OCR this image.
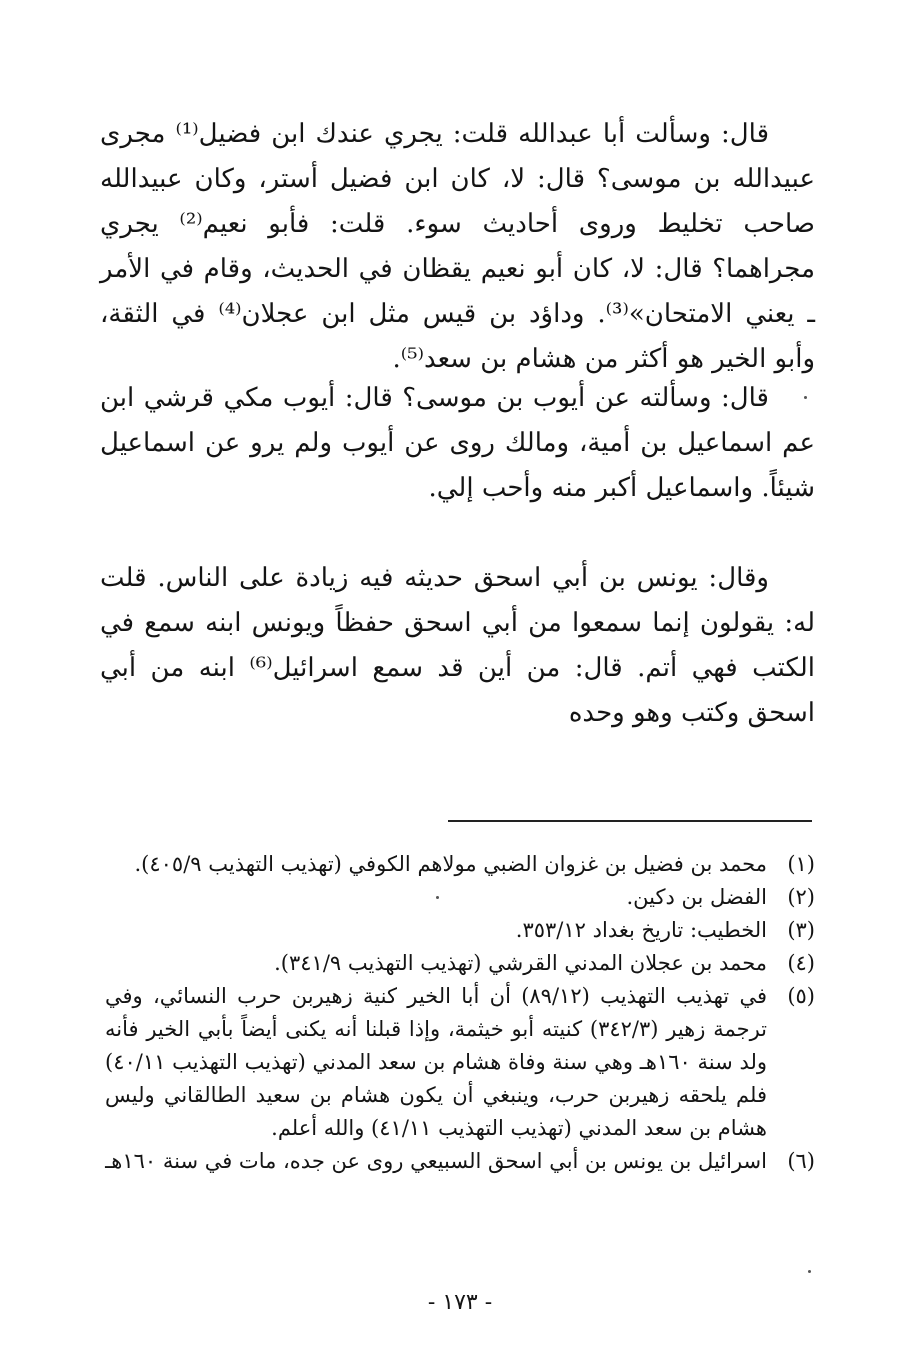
قال: وسألت أبا عبدالله قلت: يجري عندك ابن فضيل⁽¹⁾ مجرى عبيدالله بن موسى؟ قال: لا، كان ابن فضيل أستر، وكان عبيدالله صاحب تخليط وروى أحاديث سوء. قلت: فأبو نعيم⁽²⁾ يجري مجراهما؟ قال: لا، كان أبو نعيم يقظان في الحديث، وقام في الأمر ـ يعني الامتحان»⁽³⁾. وداؤد بن قيس مثل ابن عجلان⁽⁴⁾ في الثقة، وأبو الخير هو أكثر من هشام بن سعد⁽⁵⁾.

قال: وسألته عن أيوب بن موسى؟ قال: أيوب مكي قرشي ابن عم اسماعيل بن أمية، ومالك روى عن أيوب ولم يرو عن اسماعيل شيئاً. واسماعيل أكبر منه وأحب إلي.

وقال: يونس بن أبي اسحق حديثه فيه زيادة على الناس. قلت له: يقولون إنما سمعوا من أبي اسحق حفظاً ويونس ابنه سمع في الكتب فهي أتم. قال: من أين قد سمع اسرائيل⁽⁶⁾ ابنه من أبي اسحق وكتب وهو وحده

(١)
محمد بن فضيل بن غزوان الضبي مولاهم الكوفي (تهذيب التهذيب ٤٠٥/٩).
(٢)
الفضل بن دكين.
(٣)
الخطيب: تاريخ بغداد ٣٥٣/١٢.
(٤)
محمد بن عجلان المدني القرشي (تهذيب التهذيب ٣٤١/٩).
(٥)
في تهذيب التهذيب (٨٩/١٢) أن أبا الخير كنية زهيربن حرب النسائي، وفي ترجمة زهير (٣٤٢/٣) كنيته أبو خيثمة، وإذا قبلنا أنه يكنى أيضاً بأبي الخير فأنه ولد سنة ١٦٠هـ وهي سنة وفاة هشام بن سعد المدني (تهذيب التهذيب ٤٠/١١) فلم يلحقه زهيربن حرب، وينبغي أن يكون هشام بن سعيد الطالقاني وليس هشام بن سعد المدني (تهذيب التهذيب ٤١/١١) والله أعلم.
(٦)
اسرائيل بن يونس بن أبي اسحق السبيعي روى عن جده، مات في سنة ١٦٠هـ
- ١٧٣ -
